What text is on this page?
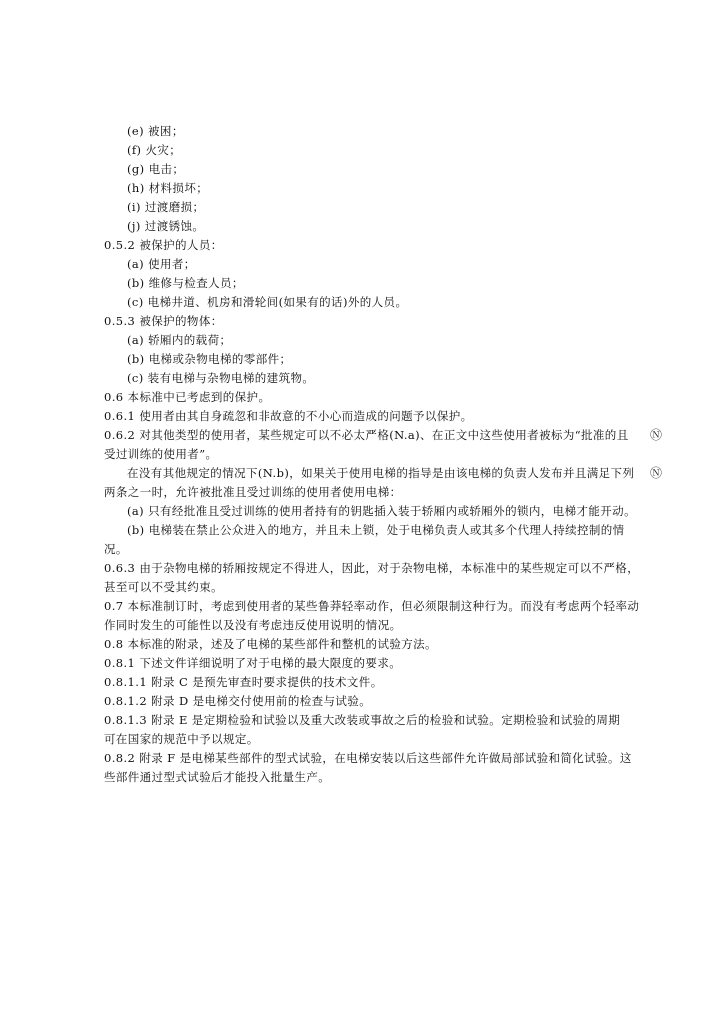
(e) 被困；
(f) 火灾；
(g) 电击；
(h) 材料损坏；
(i) 过渡磨损；
(j) 过渡锈蚀。
0.5.2 被保护的人员：
(a) 使用者；
(b) 维修与检查人员；
(c) 电梯井道、机房和滑轮间(如果有的话)外的人员。
0.5.3 被保护的物体：
(a) 轿厢内的载荷；
(b) 电梯或杂物电梯的零部件；
(c) 装有电梯与杂物电梯的建筑物。
0.6 本标准中已考虑到的保护。
0.6.1 使用者由其自身疏忽和非故意的不小心而造成的问题予以保护。
0.6.2 对其他类型的使用者，某些规定可以不必太严格(N.a)、在正文中这些使用者被标为“批准的且 Ⓝ
受过训练的使用者”。
在没有其他规定的情况下(N.b)，如果关于使用电梯的指导是由该电梯的负责人发布并且满足下列 Ⓝ
两条之一时，允许被批准且受过训练的使用者使用电梯：
(a) 只有经批准且受过训练的使用者持有的钥匙插入装于轿厢内或轿厢外的锁内，电梯才能开动。
(b) 电梯装在禁止公众进入的地方，并且未上锁，处于电梯负责人或其多个代理人持续控制的情
况。
0.6.3 由于杂物电梯的轿厢按规定不得进人，因此，对于杂物电梯，本标准中的某些规定可以不严格，
甚至可以不受其约束。
0.7 本标准制订时，考虑到使用者的某些鲁莽轻率动作，但必须限制这种行为。而没有考虑两个轻率动
作同时发生的可能性以及没有考虑违反使用说明的情况。
0.8 本标准的附录，述及了电梯的某些部件和整机的试验方法。
0.8.1 下述文件详细说明了对于电梯的最大限度的要求。
0.8.1.1 附录 C 是预先审查时要求提供的技术文件。
0.8.1.2 附录 D 是电梯交付使用前的检查与试验。
0.8.1.3 附录 E 是定期检验和试验以及重大改装或事故之后的检验和试验。定期检验和试验的周期
可在国家的规范中予以规定。
0.8.2 附录 F 是电梯某些部件的型式试验，在电梯安装以后这些部件允许做局部试验和简化试验。这
些部件通过型式试验后才能投入批量生产。
